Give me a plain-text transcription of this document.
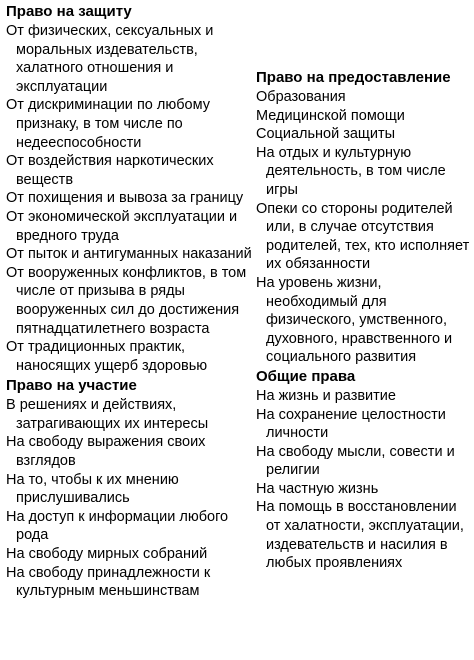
Право на защиту
От физических, сексуальных и моральных издевательств, халатного отношения и эксплуатации
От дискриминации по любому признаку, в том числе по недееспособности
От воздействия наркотических веществ
От похищения и вывоза за границу
От экономической эксплуатации и вредного труда
От пыток и антигуманных наказаний
От вооруженных конфликтов, в том числе от призыва в ряды вооруженных сил до достижения пятнадцатилетнего возраста
От традиционных практик, наносящих ущерб здоровью
Право на участие
В решениях и действиях, затрагивающих их интересы
На свободу выражения своих взглядов
На то, чтобы к их мнению прислушивались
На доступ к информации любого рода
На свободу мирных собраний
На свободу принадлежности к культурным меньшинствам
Право на предоставление
Образования
Медицинской помощи
Социальной защиты
На отдых и культурную деятельность, в том числе игры
Опеки со стороны родителей или, в случае отсутствия родителей, тех, кто исполняет их обязанности
На уровень жизни, необходимый для физического, умственного, духовного, нравственного и социального развития
Общие права
На жизнь и развитие
На сохранение целостности личности
На свободу мысли, совести и религии
На частную жизнь
На помощь в восстановлении от халатности, эксплуатации, издевательств и насилия в любых проявлениях
